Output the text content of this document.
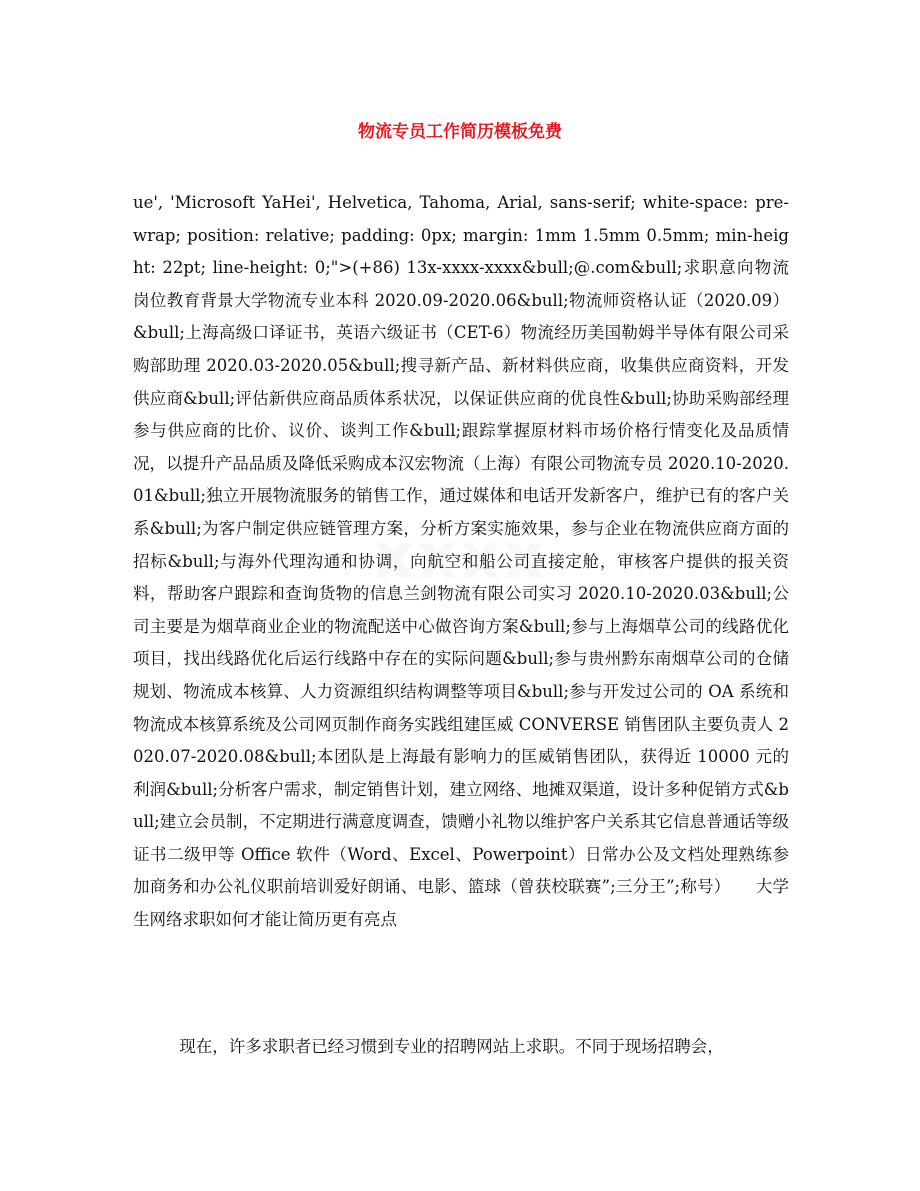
物流专员工作简历模板免费
xxxx

ue', 'Microsoft YaHei', Helvetica, Tahoma, Arial, sans-serif; white-space: pre-wrap; position: relative; padding: 0px; margin: 1mm 1.5mm 0.5mm; min-height: 22pt; line-height: 0;">(+86) 13x-xxxx-xxxx&bull;@.com&bull;求职意向物流岗位教育背景大学物流专业本科 2020.09-2020.06&bull;物流师资格认证（2020.09）&bull;上海高级口译证书，英语六级证书（CET-6）物流经历美国勒姆半导体有限公司采购部助理 2020.03-2020.05&bull;搜寻新产品、新材料供应商，收集供应商资料，开发供应商&bull;评估新供应商品质体系状况，以保证供应商的优良性&bull;协助采购部经理参与供应商的比价、议价、谈判工作&bull;跟踪掌握原材料市场价格行情变化及品质情况，以提升产品品质及降低采购成本汉宏物流（上海）有限公司物流专员 2020.10-2020.01&bull;独立开展物流服务的销售工作，通过媒体和电话开发新客户，维护已有的客户关系&bull;为客户制定供应链管理方案，分析方案实施效果，参与企业在物流供应商方面的招标&bull;与海外代理沟通和协调，向航空和船公司直接定舱，审核客户提供的报关资料，帮助客户跟踪和查询货物的信息兰剑物流有限公司实习 2020.10-2020.03&bull;公司主要是为烟草商业企业的物流配送中心做咨询方案&bull;参与上海烟草公司的线路优化项目，找出线路优化后运行线路中存在的实际问题&bull;参与贵州黔东南烟草公司的仓储规划、物流成本核算、人力资源组织结构调整等项目&bull;参与开发过公司的 OA 系统和物流成本核算系统及公司网页制作商务实践组建匡威 CONVERSE 销售团队主要负责人 2020.07-2020.08&bull;本团队是上海最有影响力的匡威销售团队，获得近 10000 元的利润&bull;分析客户需求，制定销售计划，建立网络、地摊双渠道，设计多种促销方式&bull;建立会员制，不定期进行满意度调查，馈赠小礼物以维护客户关系其它信息普通话等级证书二级甲等 Office 软件（Word、Excel、Powerpoint）日常办公及文档处理熟练参加商务和办公礼仪职前培训爱好朗诵、电影、篮球（曾获校联赛”;三分王”;称号）　　大学生网络求职如何才能让简历更有亮点

现在，许多求职者已经习惯到专业的招聘网站上求职。不同于现场招聘会，
